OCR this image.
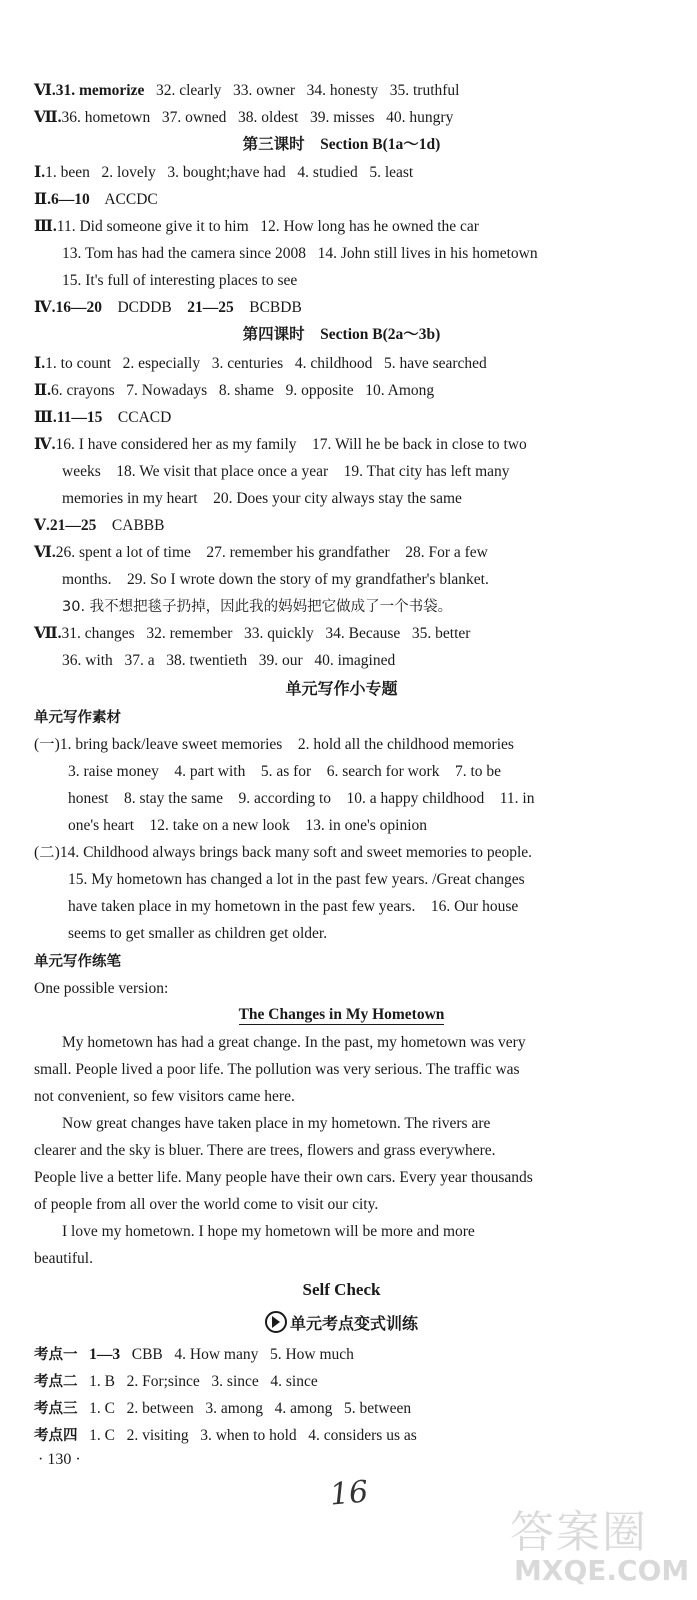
Ⅵ.31. memorize 32. clearly 33. owner 34. honesty 35. truthful
Ⅶ.36. hometown 37. owned 38. oldest 39. misses 40. hungry
第三课时　Section B(1a～1d)
Ⅰ.1. been 2. lovely 3. bought;have had 4. studied 5. least
Ⅱ.6—10 ACCDC
Ⅲ.11. Did someone give it to him 12. How long has he owned the car
13. Tom has had the camera since 2008 14. John still lives in his hometown
15. It's full of interesting places to see
Ⅳ.16—20 DCDDB 21—25 BCBDB
第四课时　Section B(2a～3b)
Ⅰ.1. to count 2. especially 3. centuries 4. childhood 5. have searched
Ⅱ.6. crayons 7. Nowadays 8. shame 9. opposite 10. Among
Ⅲ.11—15 CCACD
Ⅳ.16. I have considered her as my family　17. Will he be back in close to two
weeks　18. We visit that place once a year　19. That city has left many
memories in my heart　20. Does your city always stay the same
Ⅴ.21—25 CABBB
Ⅵ.26. spent a lot of time　27. remember his grandfather　28. For a few
months.　29. So I wrote down the story of my grandfather's blanket.
30. 我不想把毯子扔掉，因此我的妈妈把它做成了一个书袋。
Ⅶ.31. changes 32. remember 33. quickly 34. Because 35. better
36. with 37. a 38. twentieth 39. our 40. imagined
单元写作小专题
单元写作素材
(一)1. bring back/leave sweet memories　2. hold all the childhood memories
3. raise money　4. part with　5. as for　6. search for work　7. to be
honest　8. stay the same　9. according to　10. a happy childhood　11. in
one's heart　12. take on a new look　13. in one's opinion
(二)14. Childhood always brings back many soft and sweet memories to people.
15. My hometown has changed a lot in the past few years. /Great changes
have taken place in my hometown in the past few years.　16. Our house
seems to get smaller as children get older.
单元写作练笔
One possible version:
The Changes in My Hometown
My hometown has had a great change. In the past, my hometown was very
small. People lived a poor life. The pollution was very serious. The traffic was
not convenient, so few visitors came here.
Now great changes have taken place in my hometown. The rivers are
clearer and the sky is bluer. There are trees, flowers and grass everywhere.
People live a better life. Many people have their own cars. Every year thousands
of people from all over the world come to visit our city.
I love my hometown. I hope my hometown will be more and more
beautiful.
Self Check
单元考点变式训练
考点一 1—3 CBB 4. How many 5. How much
考点二 1. B 2. For;since 3. since 4. since
考点三 1. C 2. between 3. among 4. among 5. between
考点四 1. C 2. visiting 3. when to hold 4. considers us as
· 130 ·
16
答案圈
MXQE.COM
